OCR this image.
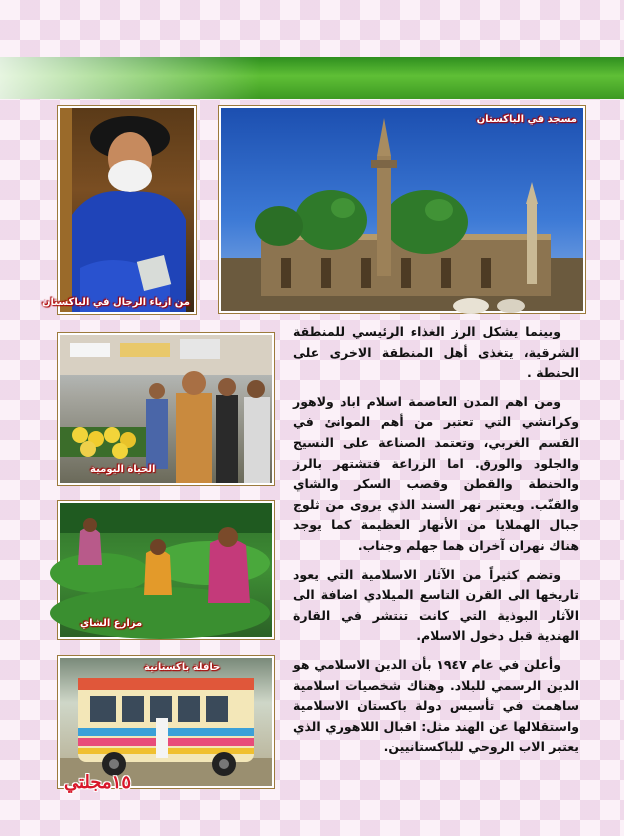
مسجد في الباكستان
من ازياء الرجال في الباكستان
الحياة اليومية
مزارع الشاي
حافلة باكستانية

وبينما يشكل الرز الغذاء الرئيسي للمنطقة الشرقية، يتغذى أهل المنطقة الاخرى على الحنطة .

ومن اهم المدن العاصمة اسلام اباد ولاهور وكراتشي التي تعتبر من أهم الموانئ في القسم الغربي، وتعتمد الصناعة على النسيج والجلود والورق. اما الزراعة فتشتهر بالرز والحنطة والقطن وقصب السكر والشاي والقنّب. ويعتبر نهر السند الذي يروى من ثلوج جبال الهملايا من الأنهار العظيمة كما يوجد هناك نهران آخران هما جهلم وجناب.

وتضم كثيراً من الآثار الاسلامية التي يعود تاريخها الى القرن التاسع الميلادي اضافة الى الآثار البوذية التي كانت تنتشر في القارة الهندية قبل دخول الاسلام.

وأعلن في عام ١٩٤٧ بأن الدين الاسلامي هو الدين الرسمي للبلاد. وهناك شخصيات اسلامية ساهمت في تأسيس دولة باكستان الاسلامية واستقلالها عن الهند مثل: اقبال اللاهوري الذي يعتبر الاب الروحي للباكستانيين.

١٥مجلتي
